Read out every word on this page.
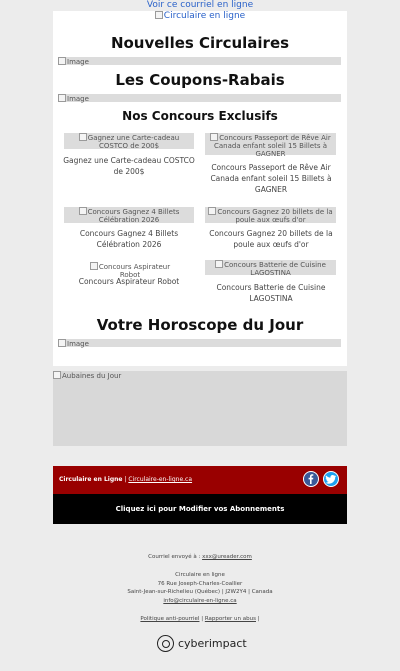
Voir ce courriel en ligne
Circulaire en ligne
Nouvelles Circulaires
Image
Les Coupons-Rabais
Image
Nos Concours Exclusifs
Gagnez une Carte-cadeau COSTCO de 200$
Gagnez une Carte-cadeau COSTCO de 200$
Concours Passeport de Rêve Air Canada enfant soleil 15 Billets à GAGNER
Concours Passeport de Rêve Air Canada enfant soleil 15 Billets à GAGNER
Concours Gagnez 4 Billets Célébration 2026
Concours Gagnez 4 Billets Célébration 2026
Concours Gagnez 20 billets de la poule aux œufs d'or
Concours Gagnez 20 billets de la poule aux œufs d'or
Concours Aspirateur Robot
Concours Aspirateur Robot
Concours Batterie de Cuisine LAGOSTINA
Concours Batterie de Cuisine LAGOSTINA
Votre Horoscope du Jour
Image
Aubaines du Jour
Circulaire en Ligne | Circulaire-en-ligne.ca
Cliquez ici pour Modifier vos Abonnements
Courriel envoyé à : xxx@ureader.com
Circulaire en ligne
76 Rue Joseph-Charles-Coallier
Saint-Jean-sur-Richelieu (Québec) | J2W2Y4 | Canada
info@circulaire-en-ligne.ca
Politique anti-pourriel | Rapporter un abus |
cyberimpact
